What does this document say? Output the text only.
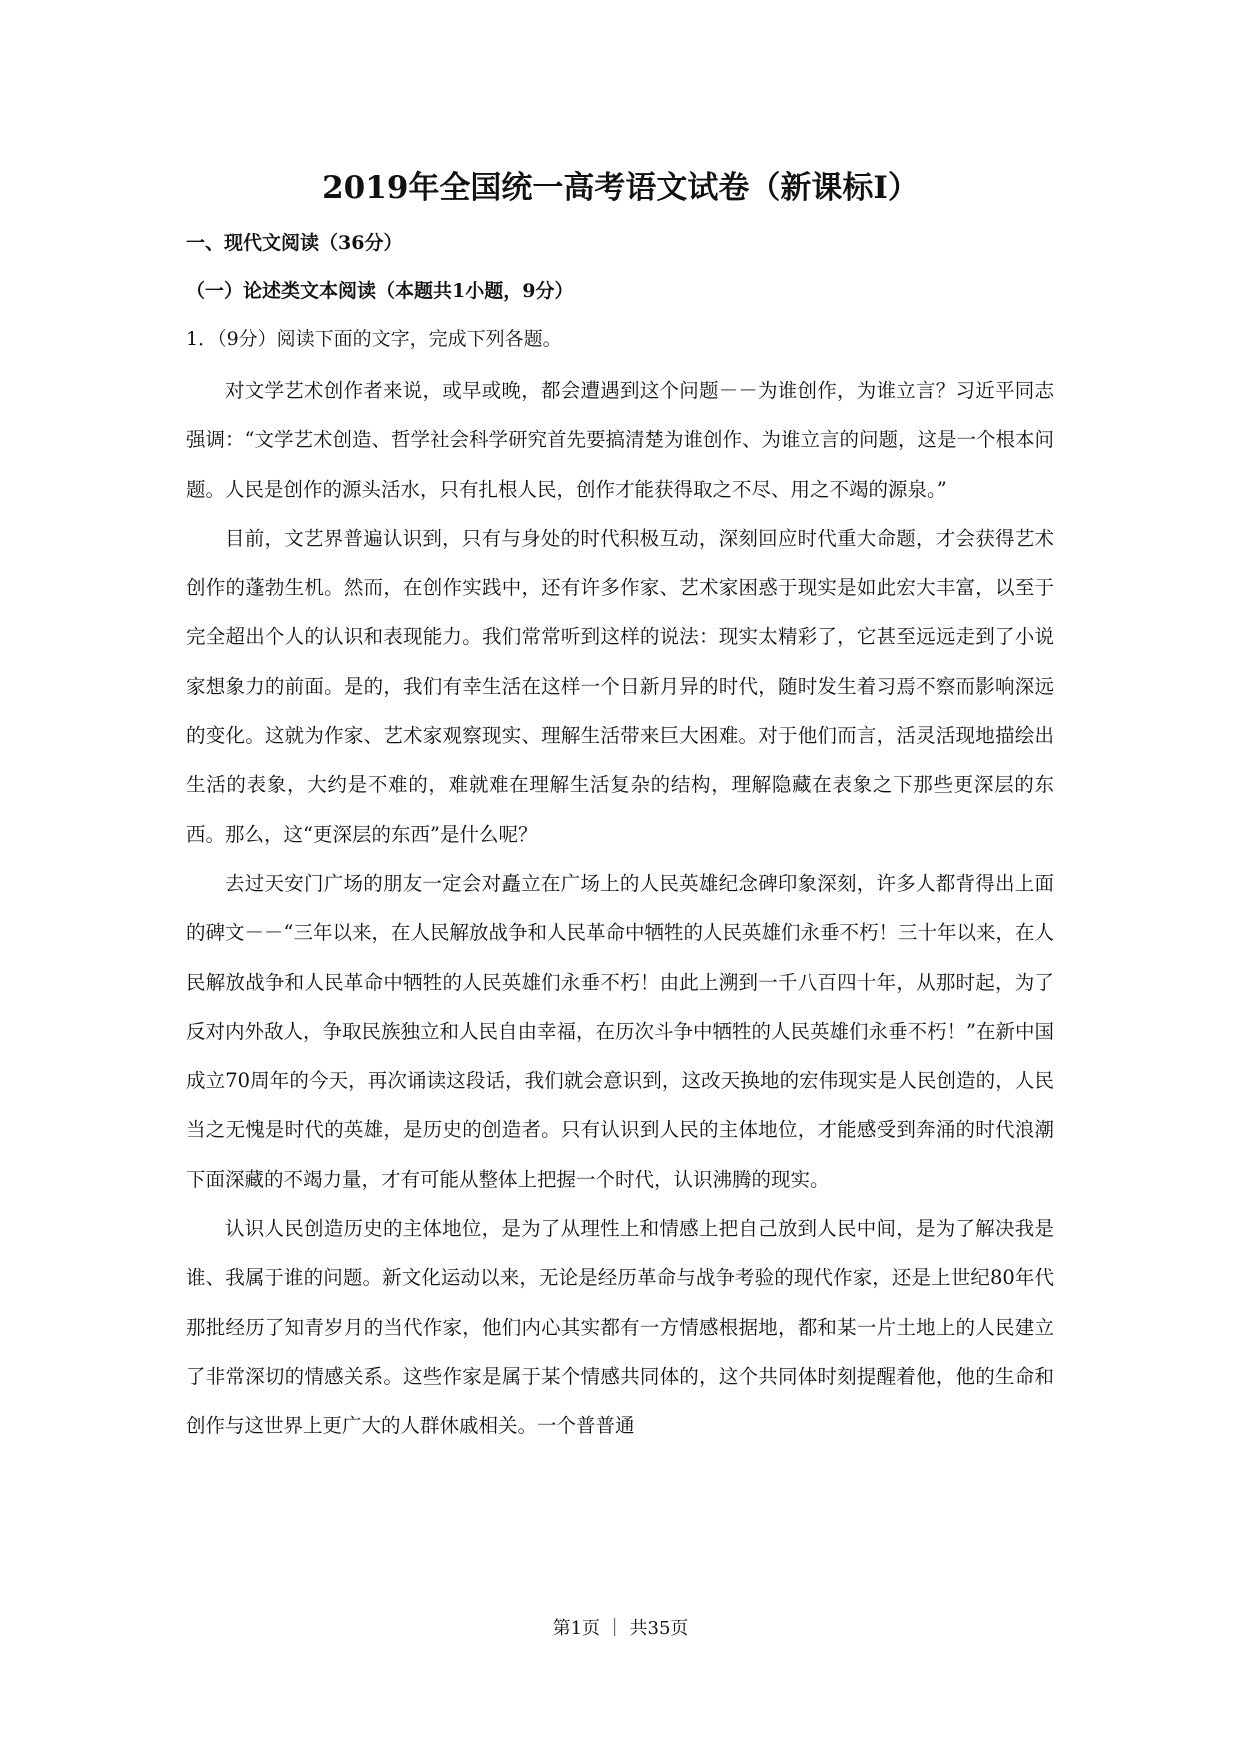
2019年全国统一高考语文试卷（新课标Ⅰ）
一、现代文阅读（36分）
（一）论述类文本阅读（本题共1小题，9分）
1．（9分）阅读下面的文字，完成下列各题。

对文学艺术创作者来说，或早或晚，都会遭遇到这个问题－－为谁创作，为谁立言？习近平同志强调：“文学艺术创造、哲学社会科学研究首先要搞清楚为谁创作、为谁立言的问题，这是一个根本问题。人民是创作的源头活水，只有扎根人民，创作才能获得取之不尽、用之不竭的源泉。”

目前，文艺界普遍认识到，只有与身处的时代积极互动，深刻回应时代重大命题，才会获得艺术创作的蓬勃生机。然而，在创作实践中，还有许多作家、艺术家困惑于现实是如此宏大丰富，以至于完全超出个人的认识和表现能力。我们常常听到这样的说法：现实太精彩了，它甚至远远走到了小说家想象力的前面。是的，我们有幸生活在这样一个日新月异的时代，随时发生着习焉不察而影响深远的变化。这就为作家、艺术家观察现实、理解生活带来巨大困难。对于他们而言，活灵活现地描绘出生活的表象，大约是不难的，难就难在理解生活复杂的结构，理解隐藏在表象之下那些更深层的东西。那么，这“更深层的东西”是什么呢？

去过天安门广场的朋友一定会对矗立在广场上的人民英雄纪念碑印象深刻，许多人都背得出上面的碑文－－“三年以来，在人民解放战争和人民革命中牺牲的人民英雄们永垂不朽！三十年以来，在人民解放战争和人民革命中牺牲的人民英雄们永垂不朽！由此上溯到一千八百四十年，从那时起，为了反对内外敌人，争取民族独立和人民自由幸福，在历次斗争中牺牲的人民英雄们永垂不朽！”在新中国成立70周年的今天，再次诵读这段话，我们就会意识到，这改天换地的宏伟现实是人民创造的，人民当之无愧是时代的英雄，是历史的创造者。只有认识到人民的主体地位，才能感受到奔涌的时代浪潮下面深藏的不竭力量，才有可能从整体上把握一个时代，认识沸腾的现实。

认识人民创造历史的主体地位，是为了从理性上和情感上把自己放到人民中间，是为了解决我是谁、我属于谁的问题。新文化运动以来，无论是经历革命与战争考验的现代作家，还是上世纪80年代那批经历了知青岁月的当代作家，他们内心其实都有一方情感根据地，都和某一片土地上的人民建立了非常深切的情感关系。这些作家是属于某个情感共同体的，这个共同体时刻提醒着他，他的生命和创作与这世界上更广大的人群休戚相关。一个普普通

第1页 ｜ 共35页
